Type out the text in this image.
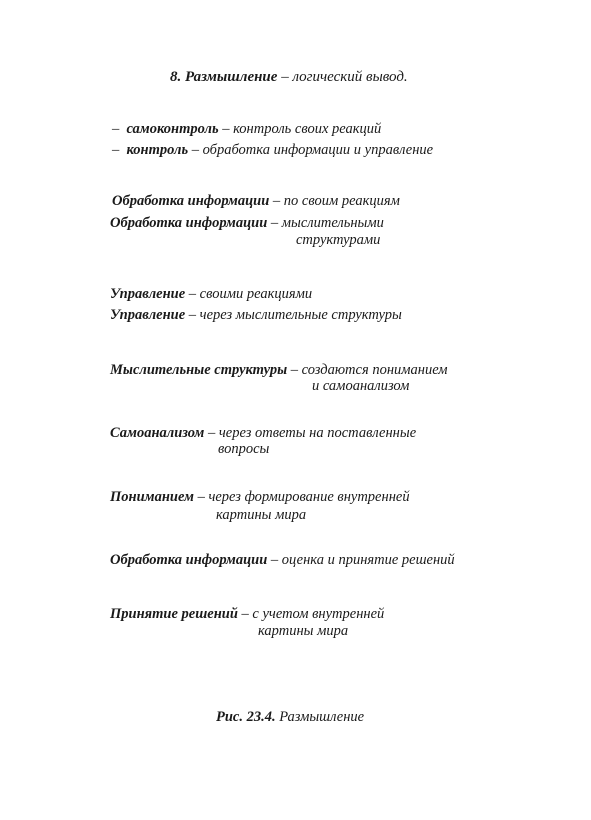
8. Размышление – логический вывод.
– самоконтроль – контроль своих реакций
– контроль – обработка информации и управление
Обработка информации – по своим реакциям
Обработка информации – мыслительными
структурами
Управление – своими реакциями
Управление – через мыслительные структуры
Мыслительные структуры – создаются пониманием
и самоанализом
Самоанализом – через ответы на поставленные
вопросы
Пониманием – через формирование внутренней
картины мира
Обработка информации – оценка и принятие решений
Принятие решений – с учетом внутренней
картины мира
Рис. 23.4. Размышление
